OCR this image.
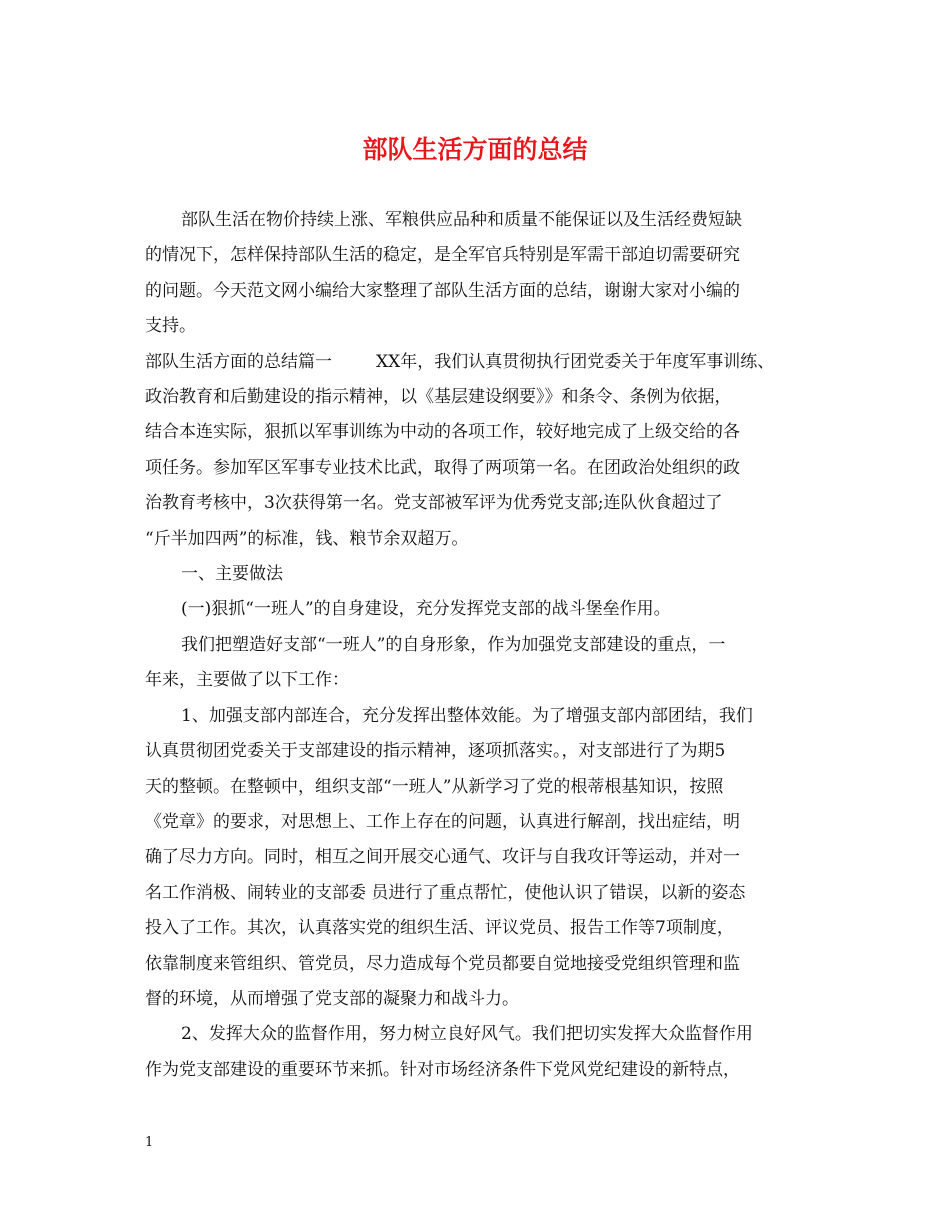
部队生活方面的总结

部队生活在物价持续上涨、军粮供应品种和质量不能保证以及生活经费短缺
的情况下，怎样保持部队生活的稳定，是全军官兵特别是军需干部迫切需要研究
的问题。今天范文网小编给大家整理了部队生活方面的总结，谢谢大家对小编的
支持。

部队生活方面的总结篇一	XX年，我们认真贯彻执行团党委关于年度军事训练、
政治教育和后勤建设的指示精神，以《基层建设纲要》》和条令、条例为依据，
结合本连实际，狠抓以军事训练为中动的各项工作，较好地完成了上级交给的各
项任务。参加军区军事专业技术比武，取得了两项第一名。在团政治处组织的政
治教育考核中，3次获得第一名。党支部被军评为优秀党支部;连队伙食超过了
“斤半加四两”的标准，钱、粮节余双超万。

一、主要做法

(一)狠抓“一班人”的自身建设，充分发挥党支部的战斗堡垒作用。

我们把塑造好支部“一班人”的自身形象，作为加强党支部建设的重点，一
年来，主要做了以下工作：

1、加强支部内部连合，充分发挥出整体效能。为了增强支部内部团结，我们
认真贯彻团党委关于支部建设的指示精神，逐项抓落实。，对支部进行了为期5
天的整顿。在整顿中，组织支部“一班人”从新学习了党的根蒂根基知识，按照
《党章》的要求，对思想上、工作上存在的问题，认真进行解剖，找出症结，明
确了尽力方向。同时，相互之间开展交心通气、攻讦与自我攻讦等运动，并对一
名工作消极、闹转业的支部委 员进行了重点帮忙，使他认识了错误，以新的姿态
投入了工作。其次，认真落实党的组织生活、评议党员、报告工作等7项制度，
依靠制度来管组织、管党员，尽力造成每个党员都要自觉地接受党组织管理和监
督的环境，从而增强了党支部的凝聚力和战斗力。

2、发挥大众的监督作用，努力树立良好风气。我们把切实发挥大众监督作用
作为党支部建设的重要环节来抓。针对市场经济条件下党风党纪建设的新特点，

1
